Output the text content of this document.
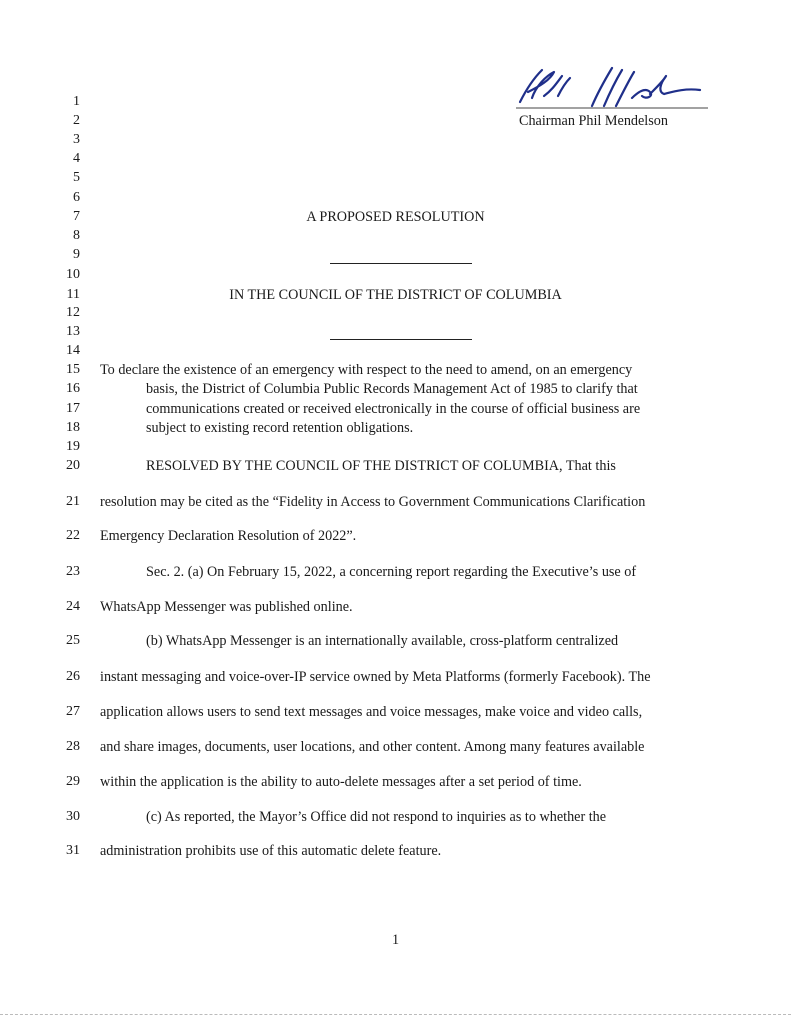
Chairman Phil Mendelson
1
2
3
4
5
6
7
8
9
10
11
12
13
14
15
16
17
18
19
20
21
22
23
24
25
26
27
28
29
30
31
A PROPOSED RESOLUTION
IN THE COUNCIL OF THE DISTRICT OF COLUMBIA
To declare the existence of an emergency with respect to the need to amend, on an emergency
basis, the District of Columbia Public Records Management Act of 1985 to clarify that
communications created or received electronically in the course of official business are
subject to existing record retention obligations.
RESOLVED BY THE COUNCIL OF THE DISTRICT OF COLUMBIA, That this
resolution may be cited as the “Fidelity in Access to Government Communications Clarification
Emergency Declaration Resolution of 2022”.
Sec. 2. (a) On February 15, 2022, a concerning report regarding the Executive’s use of
WhatsApp Messenger was published online.
(b) WhatsApp Messenger is an internationally available, cross-platform centralized
instant messaging and voice-over-IP service owned by Meta Platforms (formerly Facebook). The
application allows users to send text messages and voice messages, make voice and video calls,
and share images, documents, user locations, and other content. Among many features available
within the application is the ability to auto-delete messages after a set period of time.
(c) As reported, the Mayor’s Office did not respond to inquiries as to whether the
administration prohibits use of this automatic delete feature.
1
